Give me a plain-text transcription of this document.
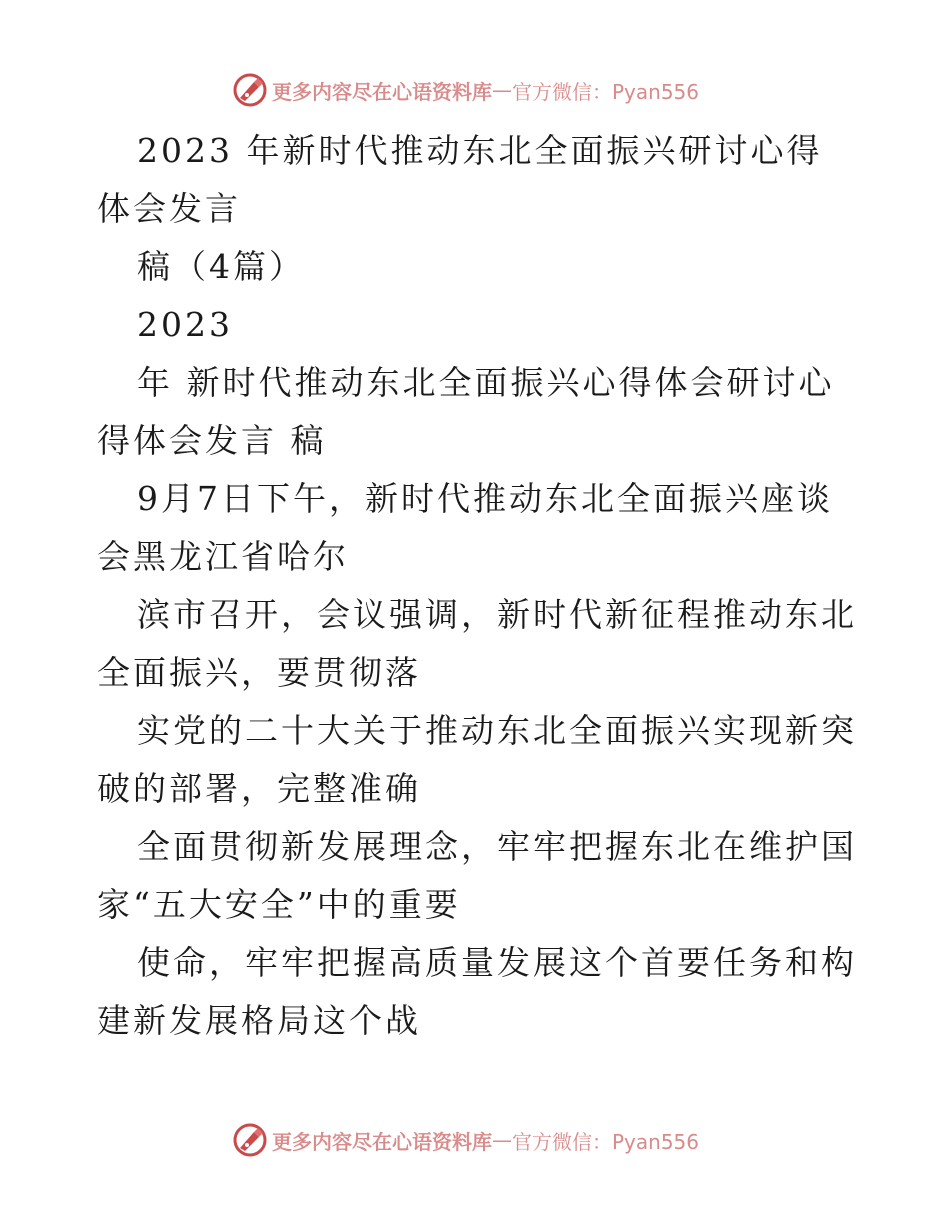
更多内容尽在心语资料库 — 官方微信：Pyan556

2023 年新时代推动东北全面振兴研讨心得体会发言

稿（4篇）

2023

年 新时代推动东北全面振兴心得体会研讨心得体会发言 稿

9月7日下午，新时代推动东北全面振兴座谈会黑龙江省哈尔

滨市召开，会议强调，新时代新征程推动东北全面振兴，要贯彻落

实党的二十大关于推动东北全面振兴实现新突破的部署，完整准确

全面贯彻新发展理念，牢牢把握东北在维护国家“五大安全”中的重要

使命，牢牢把握高质量发展这个首要任务和构建新发展格局这个战

更多内容尽在心语资料库 — 官方微信：Pyan556
